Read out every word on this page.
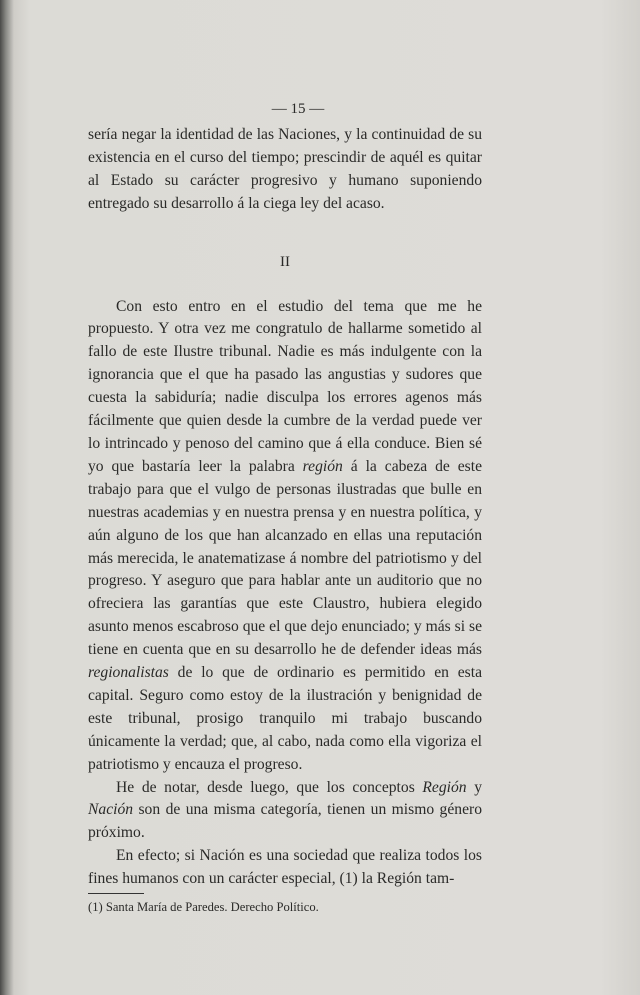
— 15 —

sería negar la identidad de las Naciones, y la continuidad de su existencia en el curso del tiempo; prescindir de aquél es quitar al Estado su carácter progresivo y humano suponiendo entregado su desarrollo á la ciega ley del acaso.

II

Con esto entro en el estudio del tema que me he propuesto. Y otra vez me congratulo de hallarme sometido al fallo de este Ilustre tribunal. Nadie es más indulgente con la ignorancia que el que ha pasado las angustias y sudores que cuesta la sabiduría; nadie disculpa los errores agenos más fácilmente que quien desde la cumbre de la verdad puede ver lo intrincado y penoso del camino que á ella conduce. Bien sé yo que bastaría leer la palabra región á la cabeza de este trabajo para que el vulgo de personas ilustradas que bulle en nuestras academias y en nuestra prensa y en nuestra política, y aún alguno de los que han alcanzado en ellas una reputación más merecida, le anatematizase á nombre del patriotismo y del progreso. Y aseguro que para hablar ante un auditorio que no ofreciera las garantías que este Claustro, hubiera elegido asunto menos escabroso que el que dejo enunciado; y más si se tiene en cuenta que en su desarrollo he de defender ideas más regionalistas de lo que de ordinario es permitido en esta capital. Seguro como estoy de la ilustración y benignidad de este tribunal, prosigo tranquilo mi trabajo buscando únicamente la verdad; que, al cabo, nada como ella vigoriza el patriotismo y encauza el progreso.

He de notar, desde luego, que los conceptos Región y Nación son de una misma categoría, tienen un mismo género próximo.

En efecto; si Nación es una sociedad que realiza todos los fines humanos con un carácter especial, (1) la Región tam-

(1) Santa María de Paredes. Derecho Político.
